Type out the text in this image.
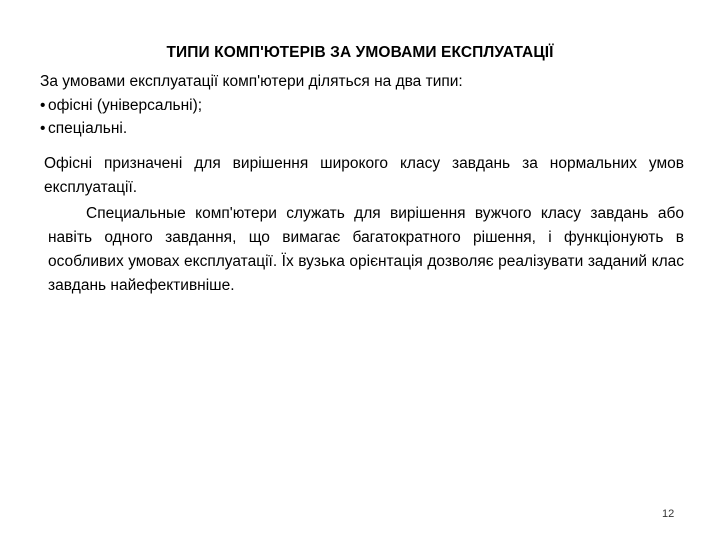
ТИПИ КОМП'ЮТЕРІВ ЗА УМОВАМИ ЕКСПЛУАТАЦІЇ
За умовами експлуатації комп'ютери діляться на два типи:
• офісні (універсальні);
• спеціальні.
Офісні призначені для вирішення широкого класу завдань за нормальних умов експлуатації.
Специальные комп'ютери служать для вирішення вужчого класу завдань або навіть одного завдання, що вимагає багатократного рішення, і функціонують в особливих умовах експлуатації. Їх вузька орієнтація дозволяє реалізувати заданий клас завдань найефективніше.
12
